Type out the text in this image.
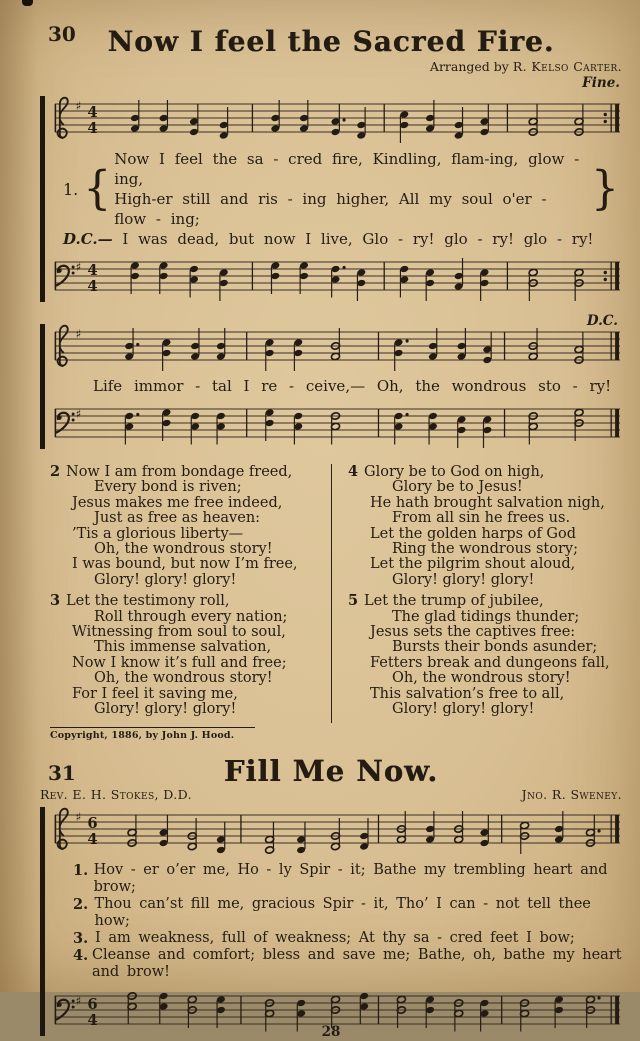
30	Now I feel the Sacred Fire.
Arranged by R. Kelso Carter.
Fine.
♯ 4
4
1. {
Now I feel the sa - cred fire, Kindling, flam-ing, glow - ing,
High-er still and ris - ing higher, All my soul o'er - flow - ing;
}
D.C.— I was dead, but now I live, Glo - ry! glo - ry! glo - ry!
♯ 4
4
D.C.
♯
Life immor - tal I re - ceive,— Oh, the wondrous sto - ry!
♯
2 Now I am from bondage freed,
Every bond is riven;
Jesus makes me free indeed,
Just as free as heaven:
’Tis a glorious liberty—
Oh, the wondrous story!
I was bound, but now I’m free,
Glory! glory! glory!
3 Let the testimony roll,
Roll through every nation;
Witnessing from soul to soul,
This immense salvation,
Now I know it’s full and free;
Oh, the wondrous story!
For I feel it saving me,
Glory! glory! glory!
4 Glory be to God on high,
Glory be to Jesus!
He hath brought salvation nigh,
From all sin he frees us.
Let the golden harps of God
Ring the wondrous story;
Let the pilgrim shout aloud,
Glory! glory! glory!
5 Let the trump of jubilee,
The glad tidings thunder;
Jesus sets the captives free:
Bursts their bonds asunder;
Fetters break and dungeons fall,
Oh, the wondrous story!
This salvation’s free to all,
Glory! glory! glory!
Copyright, 1886, by John J. Hood.
31	Fill Me Now.
Rev. E. H. Stokes, D.D.	Jno. R. Sweney.
♯ 6
4
1. Hov - er o’er me, Ho - ly Spir - it; Bathe my trembling heart and brow;
2. Thou can’st fill me, gracious Spir - it, Tho’ I can - not tell thee how;
3. I am weakness, full of weakness; At thy sa - cred feet I bow;
4. Cleanse and comfort; bless and save me; Bathe, oh, bathe my heart and brow!
♯ 6
4
28
